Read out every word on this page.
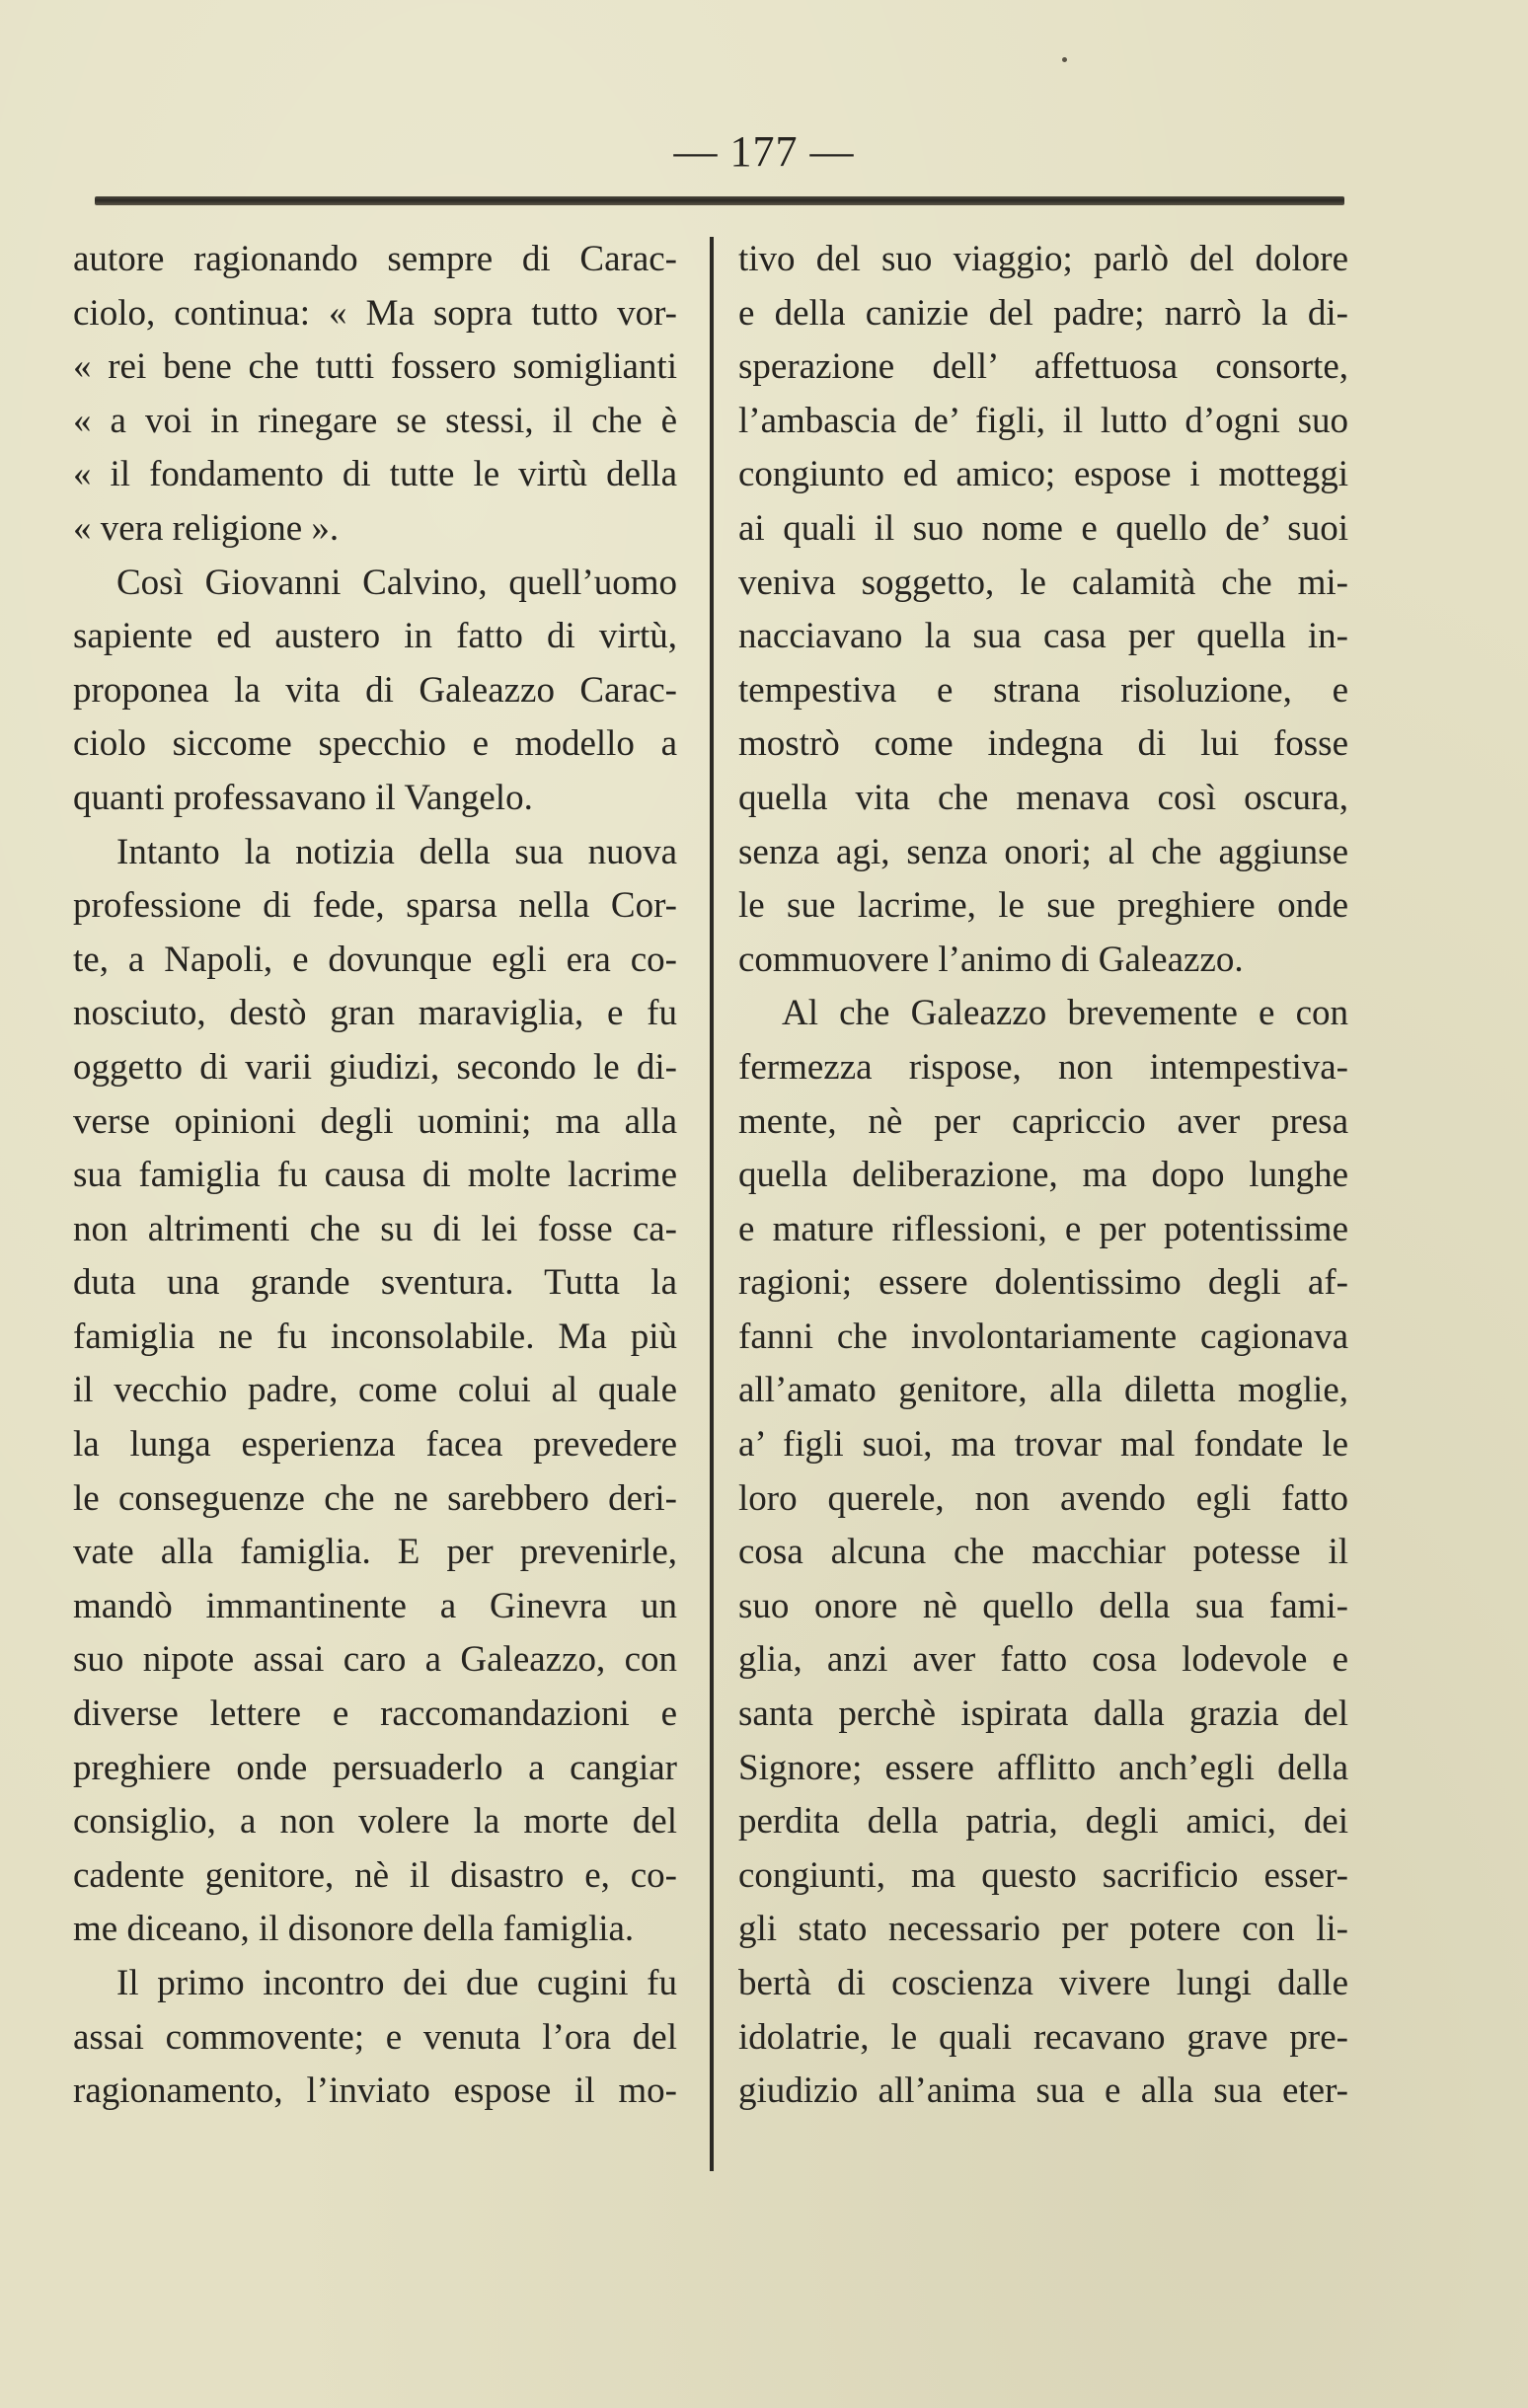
— 177 —
autore ragionando sempre di Carac-
ciolo, continua: « Ma sopra tutto vor-
« rei bene che tutti fossero somiglianti
« a voi in rinegare se stessi, il che è
« il fondamento di tutte le virtù della
« vera religione ».
Così Giovanni Calvino, quell’uomo
sapiente ed austero in fatto di virtù,
proponea la vita di Galeazzo Carac-
ciolo siccome specchio e modello a
quanti professavano il Vangelo.
Intanto la notizia della sua nuova
professione di fede, sparsa nella Cor-
te, a Napoli, e dovunque egli era co-
nosciuto, destò gran maraviglia, e fu
oggetto di varii giudizi, secondo le di-
verse opinioni degli uomini; ma alla
sua famiglia fu causa di molte lacrime
non altrimenti che su di lei fosse ca-
duta una grande sventura. Tutta la
famiglia ne fu inconsolabile. Ma più
il vecchio padre, come colui al quale
la lunga esperienza facea prevedere
le conseguenze che ne sarebbero deri-
vate alla famiglia. E per prevenirle,
mandò immantinente a Ginevra un
suo nipote assai caro a Galeazzo, con
diverse lettere e raccomandazioni e
preghiere onde persuaderlo a cangiar
consiglio, a non volere la morte del
cadente genitore, nè il disastro e, co-
me diceano, il disonore della famiglia.
Il primo incontro dei due cugini fu
assai commovente; e venuta l’ora del
ragionamento, l’inviato espose il mo-
tivo del suo viaggio; parlò del dolore
e della canizie del padre; narrò la di-
sperazione dell’ affettuosa consorte,
l’ambascia de’ figli, il lutto d’ogni suo
congiunto ed amico; espose i motteggi
ai quali il suo nome e quello de’ suoi
veniva soggetto, le calamità che mi-
nacciavano la sua casa per quella in-
tempestiva e strana risoluzione, e
mostrò come indegna di lui fosse
quella vita che menava così oscura,
senza agi, senza onori; al che aggiunse
le sue lacrime, le sue preghiere onde
commuovere l’animo di Galeazzo.
Al che Galeazzo brevemente e con
fermezza rispose, non intempestiva-
mente, nè per capriccio aver presa
quella deliberazione, ma dopo lunghe
e mature riflessioni, e per potentissime
ragioni; essere dolentissimo degli af-
fanni che involontariamente cagionava
all’amato genitore, alla diletta moglie,
a’ figli suoi, ma trovar mal fondate le
loro querele, non avendo egli fatto
cosa alcuna che macchiar potesse il
suo onore nè quello della sua fami-
glia, anzi aver fatto cosa lodevole e
santa perchè ispirata dalla grazia del
Signore; essere afflitto anch’egli della
perdita della patria, degli amici, dei
congiunti, ma questo sacrificio esser-
gli stato necessario per potere con li-
bertà di coscienza vivere lungi dalle
idolatrie, le quali recavano grave pre-
giudizio all’anima sua e alla sua eter-
